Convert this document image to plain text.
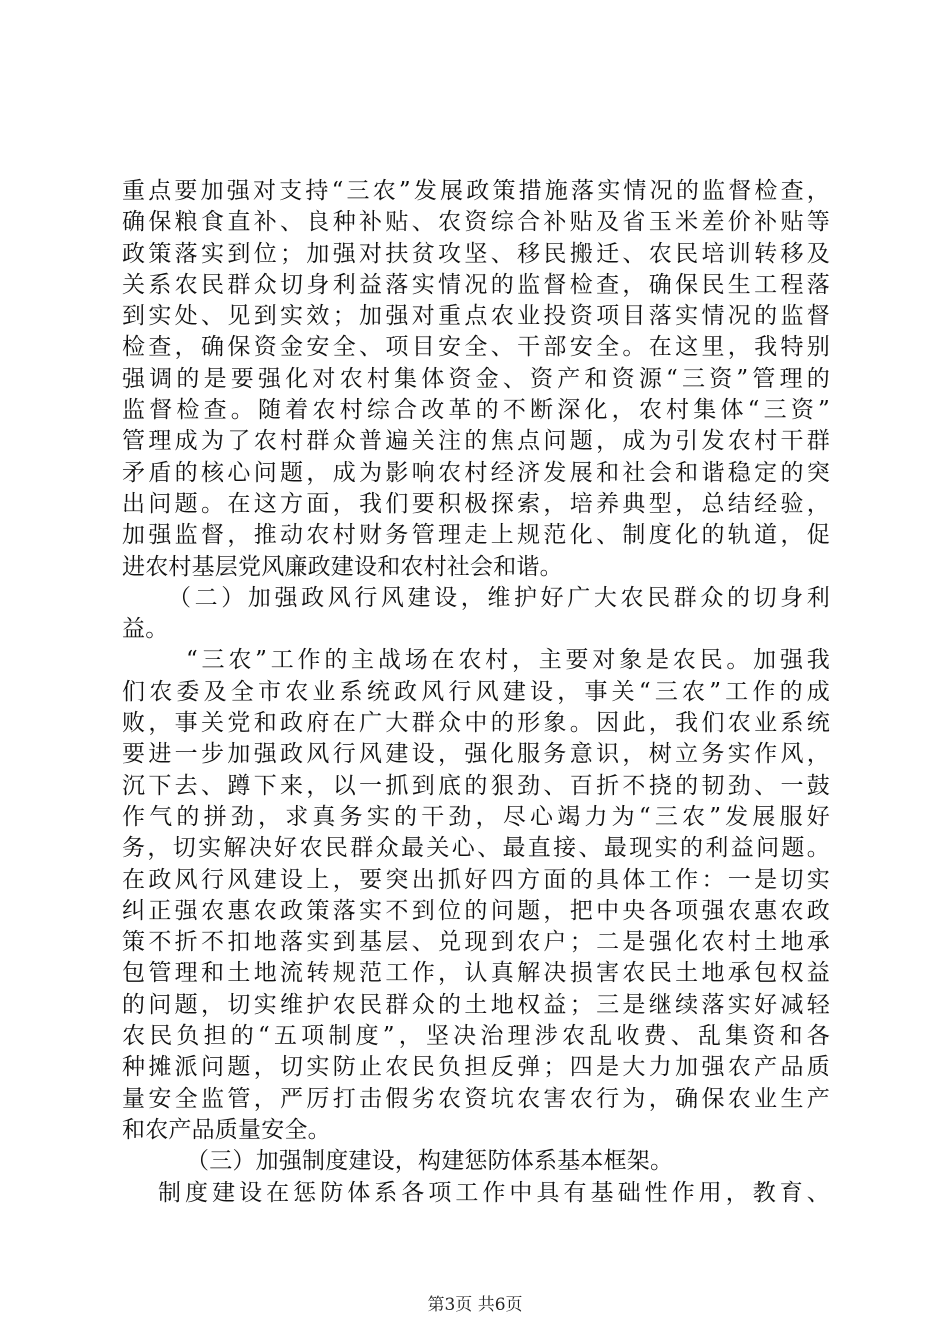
重点要加强对支持“三农”发展政策措施落实情况的监督检查，
确保粮食直补、良种补贴、农资综合补贴及省玉米差价补贴等
政策落实到位；加强对扶贫攻坚、移民搬迁、农民培训转移及
关系农民群众切身利益落实情况的监督检查，确保民生工程落
到实处、见到实效；加强对重点农业投资项目落实情况的监督
检查，确保资金安全、项目安全、干部安全。在这里，我特别
强调的是要强化对农村集体资金、资产和资源“三资”管理的
监督检查。随着农村综合改革的不断深化，农村集体“三资”
管理成为了农村群众普遍关注的焦点问题，成为引发农村干群
矛盾的核心问题，成为影响农村经济发展和社会和谐稳定的突
出问题。在这方面，我们要积极探索，培养典型，总结经验，
加强监督，推动农村财务管理走上规范化、制度化的轨道，促
进农村基层党风廉政建设和农村社会和谐。
（二）加强政风行风建设，维护好广大农民群众的切身利
益。
“三农”工作的主战场在农村，主要对象是农民。加强我
们农委及全市农业系统政风行风建设，事关“三农”工作的成
败，事关党和政府在广大群众中的形象。因此，我们农业系统
要进一步加强政风行风建设，强化服务意识，树立务实作风，
沉下去、蹲下来，以一抓到底的狠劲、百折不挠的韧劲、一鼓
作气的拼劲，求真务实的干劲，尽心竭力为“三农”发展服好
务，切实解决好农民群众最关心、最直接、最现实的利益问题。
在政风行风建设上，要突出抓好四方面的具体工作：一是切实
纠正强农惠农政策落实不到位的问题，把中央各项强农惠农政
策不折不扣地落实到基层、兑现到农户；二是强化农村土地承
包管理和土地流转规范工作，认真解决损害农民土地承包权益
的问题，切实维护农民群众的土地权益；三是继续落实好减轻
农民负担的“五项制度”，坚决治理涉农乱收费、乱集资和各
种摊派问题，切实防止农民负担反弹；四是大力加强农产品质
量安全监管，严厉打击假劣农资坑农害农行为，确保农业生产
和农产品质量安全。
（三）加强制度建设，构建惩防体系基本框架。
制度建设在惩防体系各项工作中具有基础性作用，教育、
第3页 共6页
